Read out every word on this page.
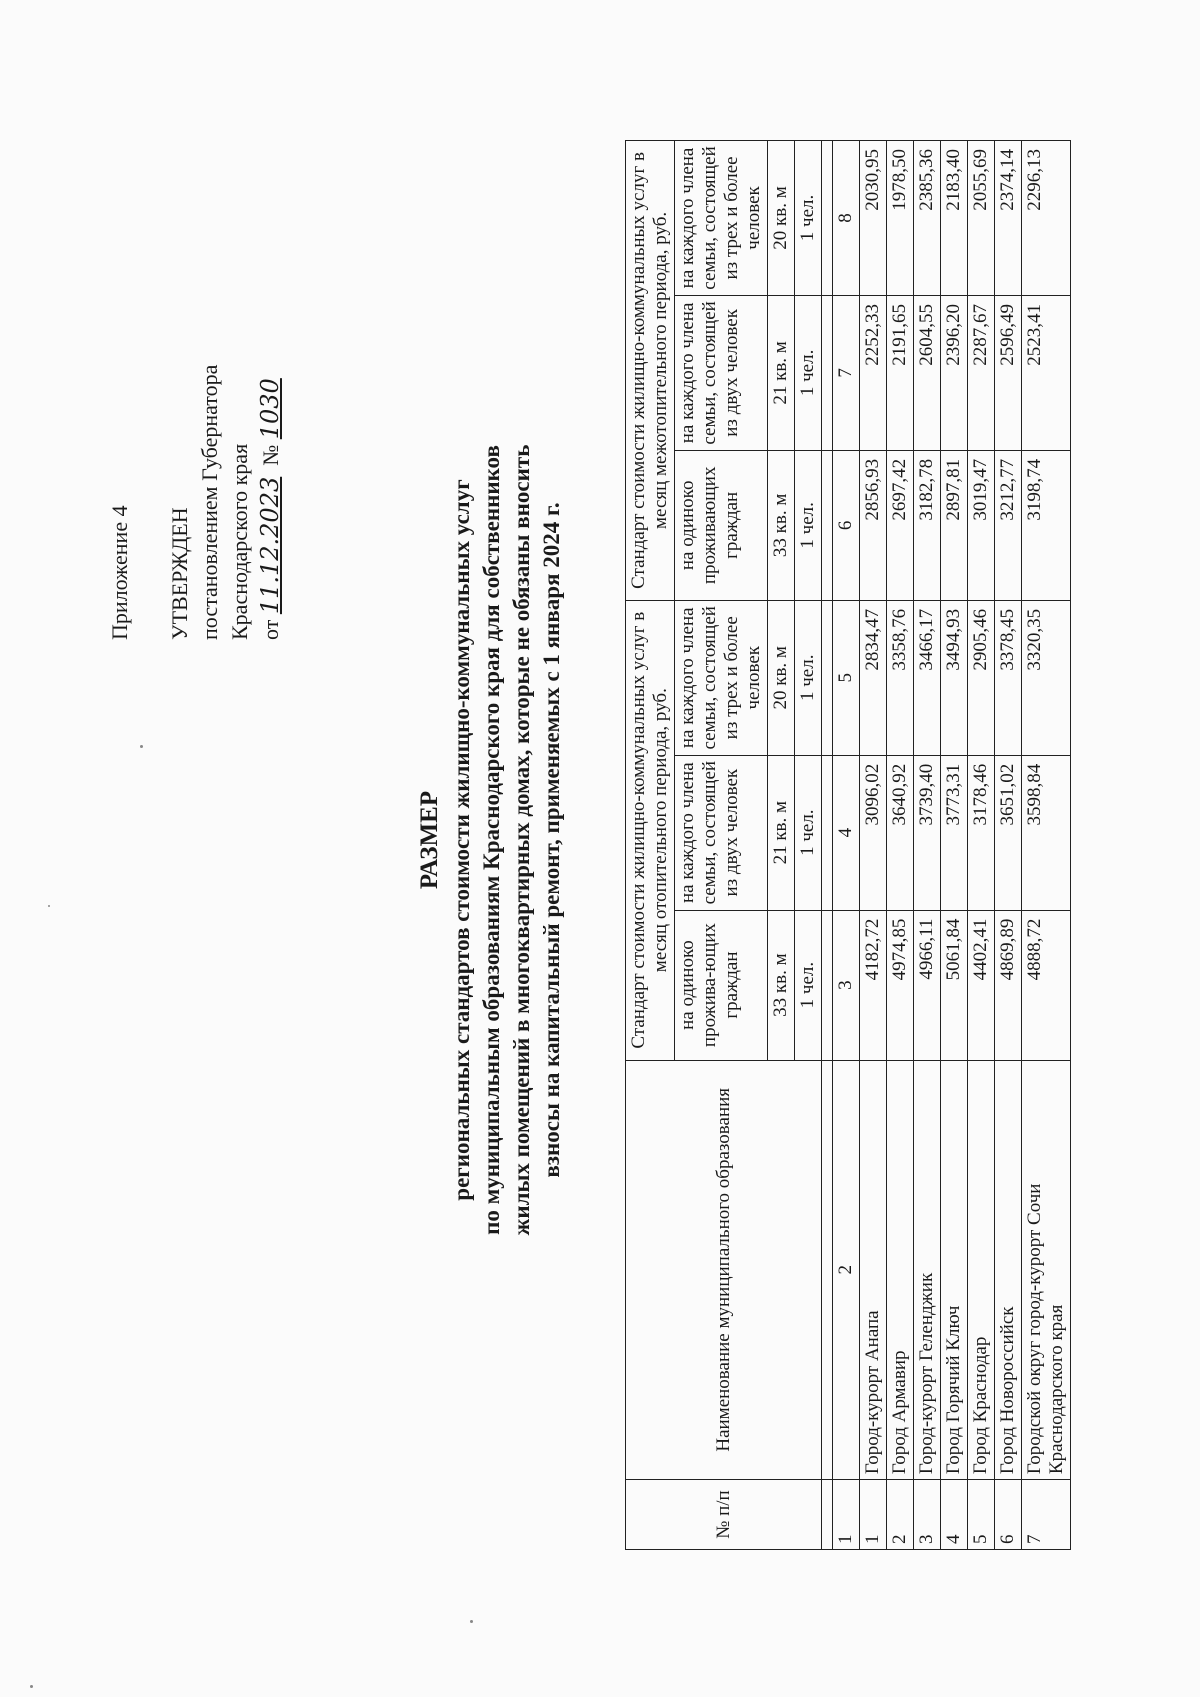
Приложение 4 УТВЕРЖДЕН постановлением Губернатора Краснодарского края от 11.12.2023  № 1030
РАЗМЕР региональных стандартов стоимости жилищно-коммунальных услуг по муниципальным образованиям Краснодарского края для собственников жилых помещений в многоквартирных домах, которые не обязаны вносить взносы на капитальный ремонт, применяемых с 1 января 2024 г.
№ п/п	Наименование муниципального образования	Стандарт стоимости жилищно-коммунальных услуг в месяц отопительного периода, руб.			Стандарт стоимости жилищно-коммунальных услуг в месяц межотопительного периода, руб.		
		на одиноко прожива-ющих граждан	на каждого члена семьи, состоящей из двух человек	на каждого члена семьи, состоящей из трех и более человек	на одиноко проживающих граждан	на каждого члена семьи, состоящей из двух человек	на каждого члена семьи, состоящей из трех и более человек
		33 кв. м	21 кв. м	20 кв. м	33 кв. м	21 кв. м	20 кв. м
		1 чел.	1 чел.	1 чел.	1 чел.	1 чел.	1 чел.

1	2	3	4	5	6	7	8
1	Город-курорт Анапа	4182,72	3096,02	2834,47	2856,93	2252,33	2030,95
2	Город Армавир	4974,85	3640,92	3358,76	2697,42	2191,65	1978,50
3	Город-курорт Геленджик	4966,11	3739,40	3466,17	3182,78	2604,55	2385,36
4	Город Горячий Ключ	5061,84	3773,31	3494,93	2897,81	2396,20	2183,40
5	Город Краснодар	4402,41	3178,46	2905,46	3019,47	2287,67	2055,69
6	Город Новороссийск	4869,89	3651,02	3378,45	3212,77	2596,49	2374,14
7	Городской округ город-курорт Сочи Краснодарского края	4888,72	3598,84	3320,35	3198,74	2523,41	2296,13
